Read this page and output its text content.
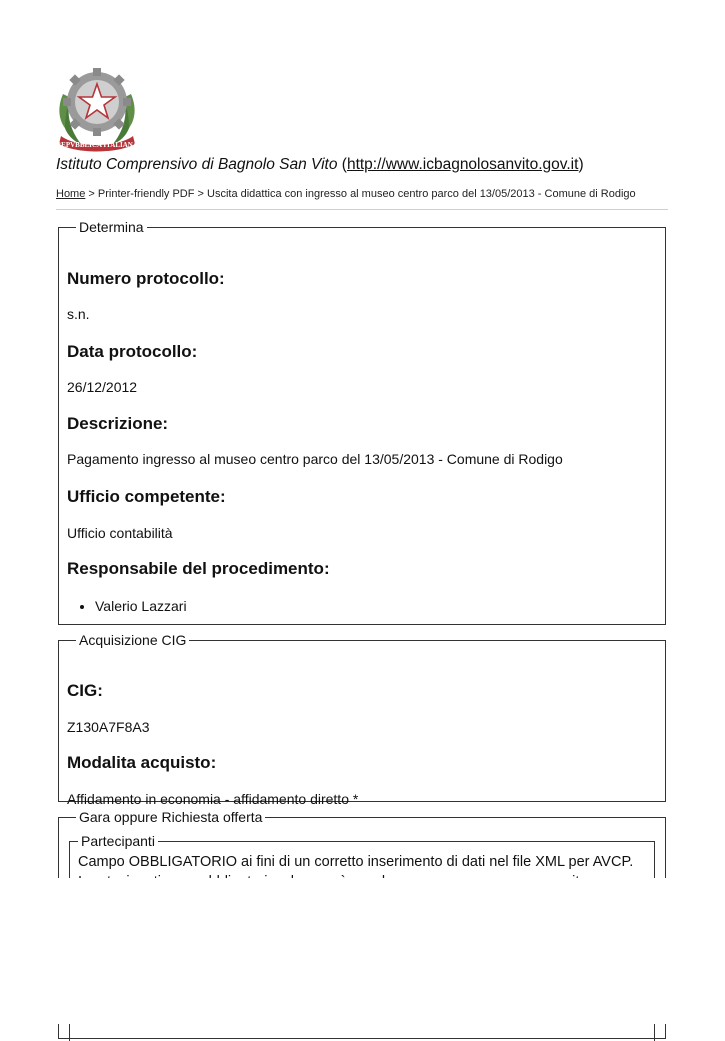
REPVBBLICA ITALIANA
Istituto Comprensivo di Bagnolo San Vito (http://www.icbagnolosanvito.gov.it)
Home > Printer-friendly PDF > Uscita didattica con ingresso al museo centro parco del 13/05/2013 - Comune di Rodigo
Determina
Numero protocollo:
s.n.
Data protocollo:
26/12/2012
Descrizione:
Pagamento ingresso al museo centro parco del 13/05/2013 - Comune di Rodigo
Ufficio competente:
Ufficio contabilità
Responsabile del procedimento:
• Valerio Lazzari
Acquisizione CIG
CIG:
Z130A7F8A3
Modalita acquisto:
Affidamento in economia - affidamento diretto *
Gara oppure Richiesta offerta
Partecipanti
Campo OBBLIGATORIO ai fini di un corretto inserimento di dati nel file XML per AVCP.
